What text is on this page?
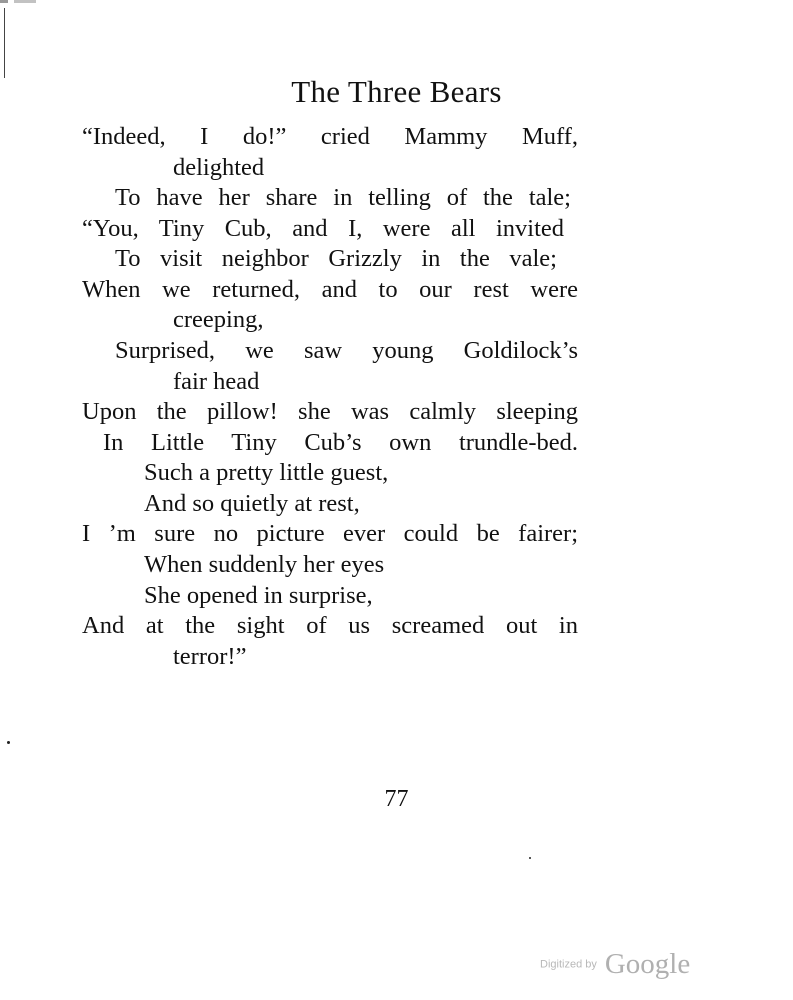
The Three Bears
“Indeed, I do!” cried Mammy Muff,
delighted
To have her share in telling of the tale;
“You, Tiny Cub, and I, were all invited
To visit neighbor Grizzly in the vale;
When we returned, and to our rest were
creeping,
Surprised, we saw young Goldilock’s
fair head
Upon the pillow! she was calmly sleeping
In Little Tiny Cub’s own trundle-bed.
Such a pretty little guest,
And so quietly at rest,
I ’m sure no picture ever could be fairer;
When suddenly her eyes
She opened in surprise,
And at the sight of us screamed out in
terror!”
77
Digitized by Google
